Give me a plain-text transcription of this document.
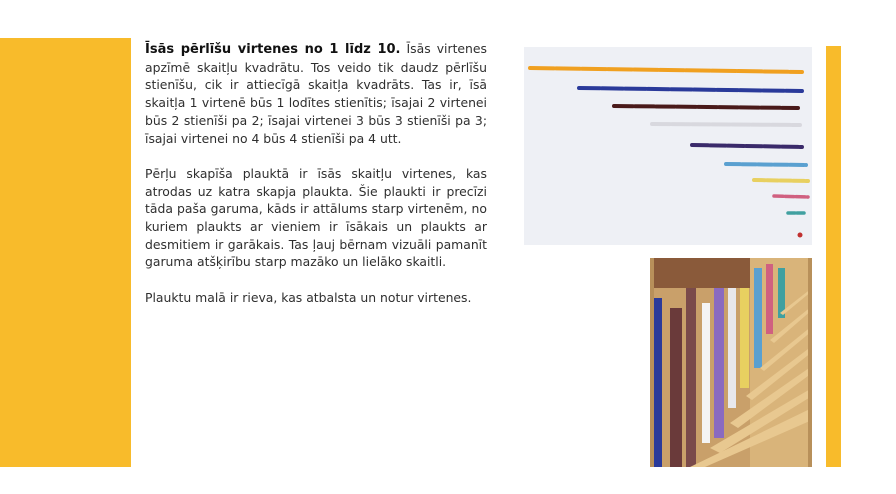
Īsās pērlīšu virtenes no 1 līdz 10. Īsās virtenes apzīmē skaitļu kvadrātu. Tos veido tik daudz pērlīšu stienīšu, cik ir attiecīgā skaitļa kvadrāts. Tas ir, īsā skaitļa 1 virtenē būs 1 lodītes stienītis; īsajai 2 virtenei būs 2 stienīši pa 2; īsajai virtenei 3 būs 3 stienīši pa 3; īsajai virtenei no 4 būs 4 stienīši pa 4 utt.

Pērļu skapīša plauktā ir īsās skaitļu virtenes, kas atrodas uz katra skapja plaukta. Šie plaukti ir precīzi tāda paša garuma, kāds ir attālums starp virtenēm, no kuriem plaukts ar vieniem ir īsākais un plaukts ar desmitiem ir garākais. Tas ļauj bērnam vizuāli pamanīt garuma atšķirību starp mazāko un lielāko skaitli.

Plauktu malā ir rieva, kas atbalsta un notur virtenes.
